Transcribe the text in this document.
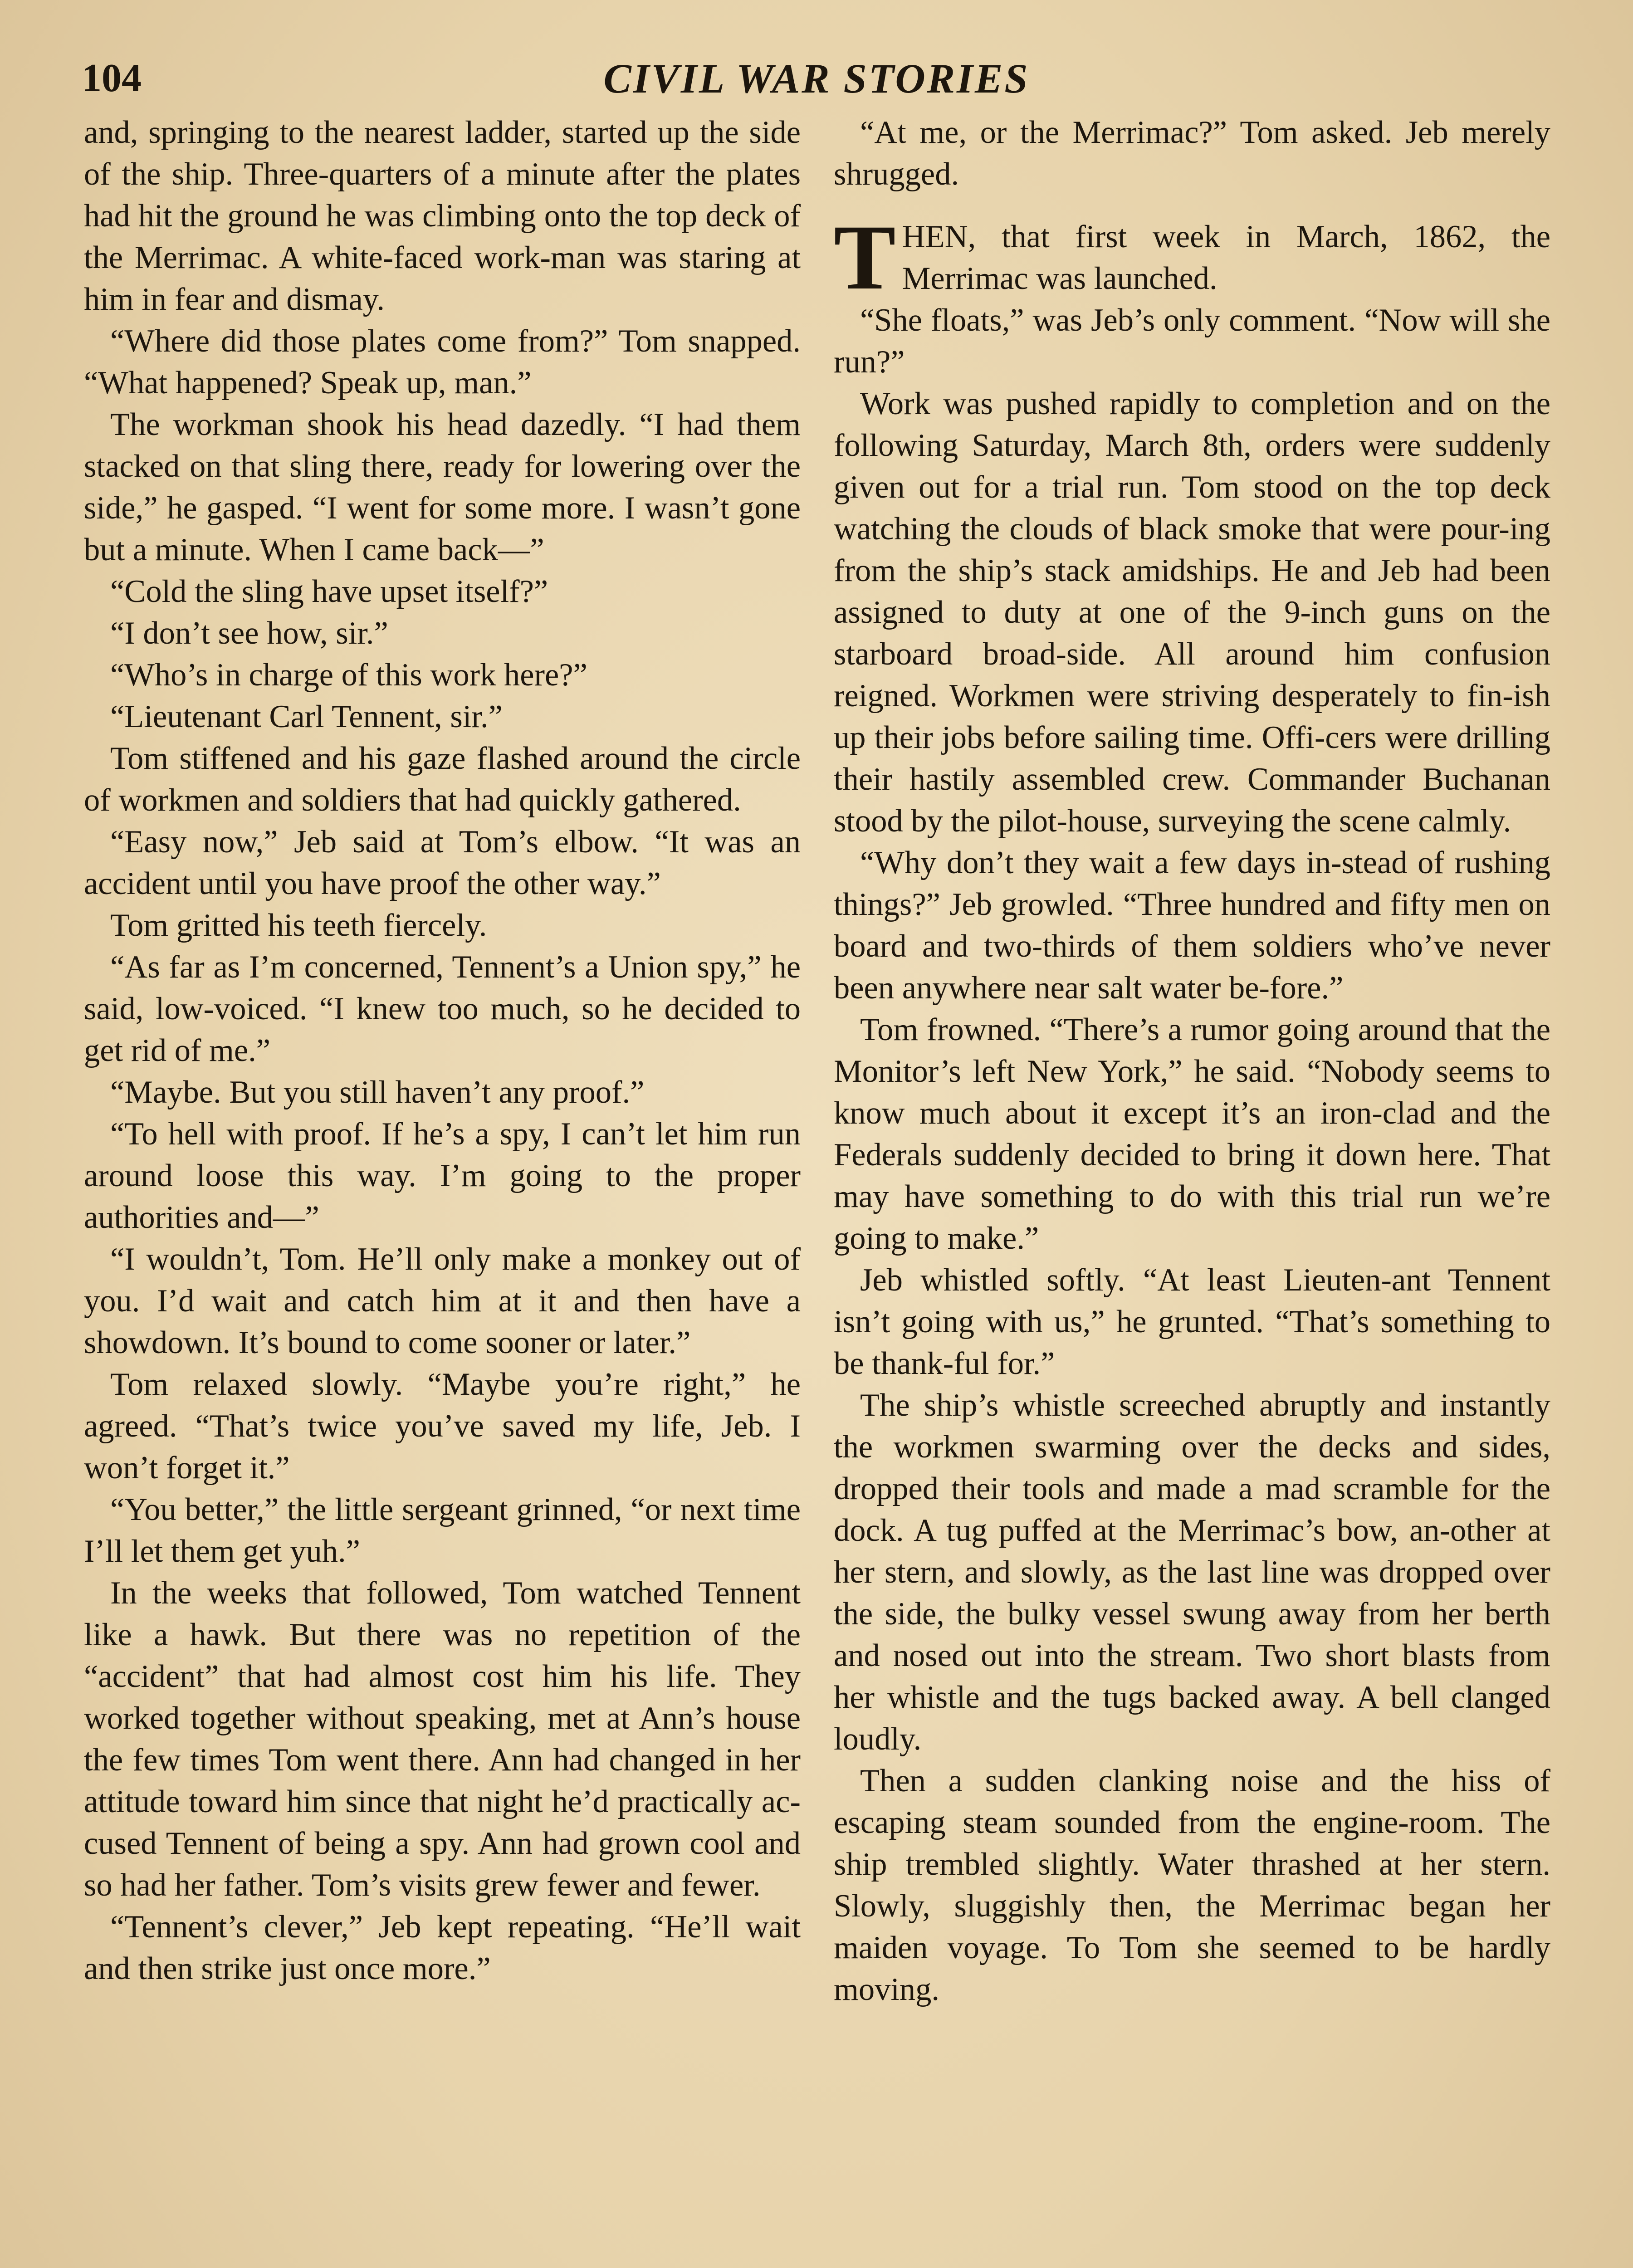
104	CIVIL WAR STORIES

and, springing to the nearest ladder, started up the side of the ship. Three-quarters of a minute after the plates had hit the ground he was climbing onto the top deck of the Merrimac. A white-faced work-man was staring at him in fear and dismay.

“Where did those plates come from?” Tom snapped. “What happened? Speak up, man.”

The workman shook his head dazedly. “I had them stacked on that sling there, ready for lowering over the side,” he gasped. “I went for some more. I wasn’t gone but a minute. When I came back—”

“Cold the sling have upset itself?”

“I don’t see how, sir.”

“Who’s in charge of this work here?”

“Lieutenant Carl Tennent, sir.”

Tom stiffened and his gaze flashed around the circle of workmen and soldiers that had quickly gathered.

“Easy now,” Jeb said at Tom’s elbow. “It was an accident until you have proof the other way.”

Tom gritted his teeth fiercely.

“As far as I’m concerned, Tennent’s a Union spy,” he said, low-voiced. “I knew too much, so he decided to get rid of me.”

“Maybe. But you still haven’t any proof.”

“To hell with proof. If he’s a spy, I can’t let him run around loose this way. I’m going to the proper authorities and—”

“I wouldn’t, Tom. He’ll only make a monkey out of you. I’d wait and catch him at it and then have a showdown. It’s bound to come sooner or later.”

Tom relaxed slowly. “Maybe you’re right,” he agreed. “That’s twice you’ve saved my life, Jeb. I won’t forget it.”

“You better,” the little sergeant grinned, “or next time I’ll let them get yuh.”

In the weeks that followed, Tom watched Tennent like a hawk. But there was no repetition of the “accident” that had almost cost him his life. They worked together without speaking, met at Ann’s house the few times Tom went there. Ann had changed in her attitude toward him since that night he’d practically ac-cused Tennent of being a spy. Ann had grown cool and so had her father. Tom’s visits grew fewer and fewer.

“Tennent’s clever,” Jeb kept repeating. “He’ll wait and then strike just once more.”

“At me, or the Merrimac?” Tom asked. Jeb merely shrugged.

THEN, that first week in March, 1862, the Merrimac was launched.

“She floats,” was Jeb’s only comment. “Now will she run?”

Work was pushed rapidly to completion and on the following Saturday, March 8th, orders were suddenly given out for a trial run. Tom stood on the top deck watching the clouds of black smoke that were pour-ing from the ship’s stack amidships. He and Jeb had been assigned to duty at one of the 9-inch guns on the starboard broad-side. All around him confusion reigned. Workmen were striving desperately to fin-ish up their jobs before sailing time. Offi-cers were drilling their hastily assembled crew. Commander Buchanan stood by the pilot-house, surveying the scene calmly.

“Why don’t they wait a few days in-stead of rushing things?” Jeb growled. “Three hundred and fifty men on board and two-thirds of them soldiers who’ve never been anywhere near salt water be-fore.”

Tom frowned. “There’s a rumor going around that the Monitor’s left New York,” he said. “Nobody seems to know much about it except it’s an iron-clad and the Federals suddenly decided to bring it down here. That may have something to do with this trial run we’re going to make.”

Jeb whistled softly. “At least Lieuten-ant Tennent isn’t going with us,” he grunted. “That’s something to be thank-ful for.”

The ship’s whistle screeched abruptly and instantly the workmen swarming over the decks and sides, dropped their tools and made a mad scramble for the dock. A tug puffed at the Merrimac’s bow, an-other at her stern, and slowly, as the last line was dropped over the side, the bulky vessel swung away from her berth and nosed out into the stream. Two short blasts from her whistle and the tugs backed away. A bell clanged loudly.

Then a sudden clanking noise and the hiss of escaping steam sounded from the engine-room. The ship trembled slightly. Water thrashed at her stern. Slowly, sluggishly then, the Merrimac began her maiden voyage. To Tom she seemed to be hardly moving.
